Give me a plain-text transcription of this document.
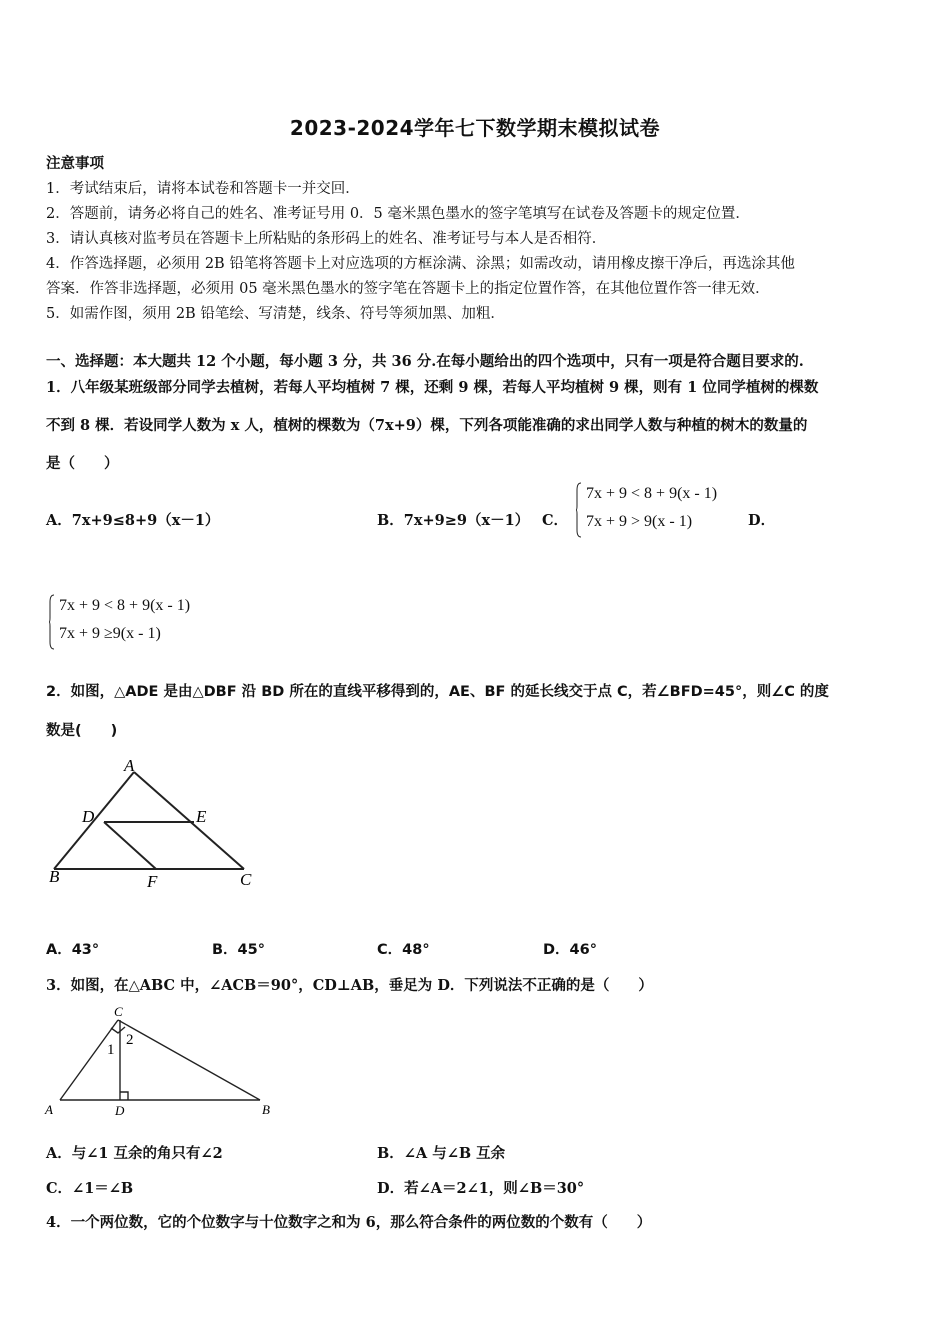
2023-2024学年七下数学期末模拟试卷
注意事项
1．考试结束后，请将本试卷和答题卡一并交回．
2．答题前，请务必将自己的姓名、准考证号用 0．5 毫米黑色墨水的签字笔填写在试卷及答题卡的规定位置．
3．请认真核对监考员在答题卡上所粘贴的条形码上的姓名、准考证号与本人是否相符．
4．作答选择题，必须用 2B 铅笔将答题卡上对应选项的方框涂满、涂黑；如需改动，请用橡皮擦干净后，再选涂其他
答案．作答非选择题，必须用 05 毫米黑色墨水的签字笔在答题卡上的指定位置作答，在其他位置作答一律无效．
5．如需作图，须用 2B 铅笔绘、写清楚，线条、符号等须加黑、加粗．
一、选择题：本大题共 12 个小题，每小题 3 分，共 36 分.在每小题给出的四个选项中，只有一项是符合题目要求的.
1．八年级某班级部分同学去植树，若每人平均植树 7 棵，还剩 9 棵，若每人平均植树 9 棵，则有 1 位同学植树的棵数
不到 8 棵．若设同学人数为 x 人，植树的棵数为（7x+9）棵，下列各项能准确的求出同学人数与种植的树木的数量的
是（　　）
A．7x+9≤8+9（x－1）	B．7x+9≥9（x－1） C．
7x + 9 < 8 + 9(x - 1)
7x + 9 > 9(x - 1)	D．
7x + 9 < 8 + 9(x - 1)
7x + 9 ≥9(x - 1)
2．如图，△ADE 是由△DBF 沿 BD 所在的直线平移得到的，AE、BF 的延长线交于点 C，若∠BFD=45°，则∠C 的度
数是(　　)
A
D	E
B	F	C
A．43°	B．45°	C．48°	D．46°
3．如图，在△ABC 中，∠ACB＝90°，CD⊥AB，垂足为 D．下列说法不正确的是（　　）
C
1
2
A	D	B
A．与∠1 互余的角只有∠2	B．∠A 与∠B 互余
C．∠1＝∠B	D．若∠A＝2∠1，则∠B＝30°
4．一个两位数，它的个位数字与十位数字之和为 6，那么符合条件的两位数的个数有（　　）
